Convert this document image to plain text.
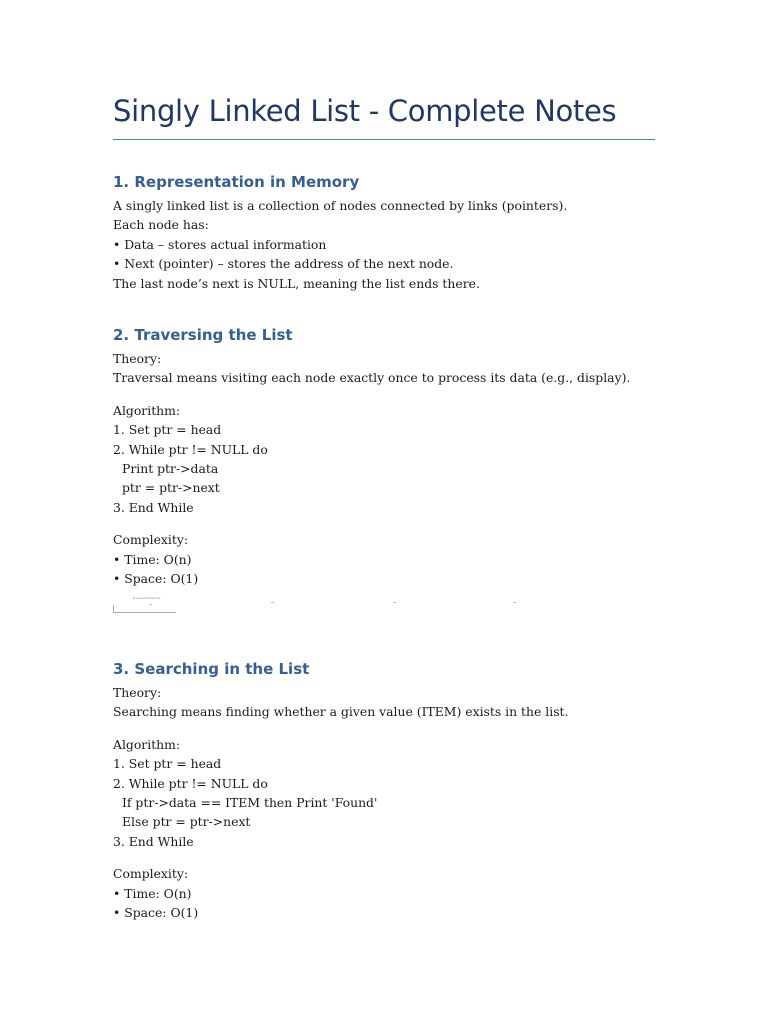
Singly Linked List - Complete Notes
1. Representation in Memory
A singly linked list is a collection of nodes connected by links (pointers).
Each node has:
• Data – stores actual information
• Next (pointer) – stores the address of the next node.
The last node’s next is NULL, meaning the list ends there.
2. Traversing the List
Theory:
Traversal means visiting each node exactly once to process its data (e.g., display).
Algorithm:
1. Set ptr = head
2. While ptr != NULL do
Print ptr->data
ptr = ptr->next
3. End While
Complexity:
• Time: O(n)
• Space: O(1)
Traversal Example
3. Searching in the List
Theory:
Searching means finding whether a given value (ITEM) exists in the list.
Algorithm:
1. Set ptr = head
2. While ptr != NULL do
If ptr->data == ITEM then Print 'Found'
Else ptr = ptr->next
3. End While
Complexity:
• Time: O(n)
• Space: O(1)
